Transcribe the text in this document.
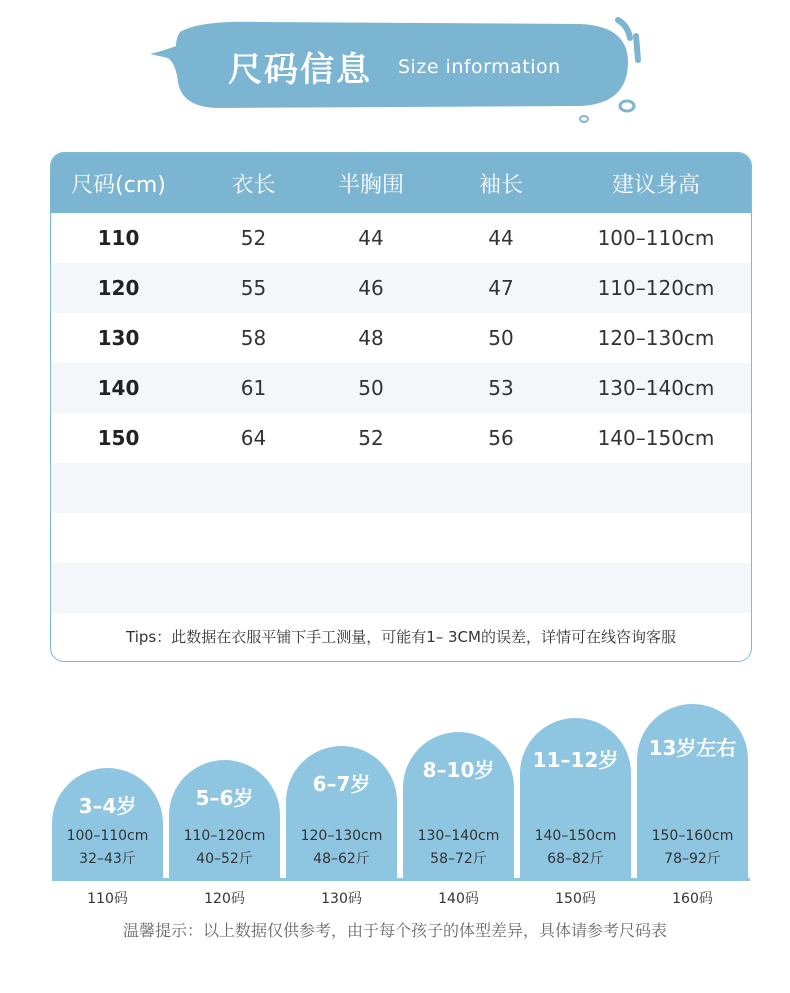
尺码信息 Size information
尺码(cm)	衣长	半胸围	袖长	建议身高
110	52	44	44	100–110cm
120	55	46	47	110–120cm
130	58	48	50	120–130cm
140	61	50	53	130–140cm
150	64	52	56	140–150cm
Tips：此数据在衣服平铺下手工测量，可能有1– 3CM的误差，详情可在线咨询客服
3–4岁
100–110cm
32–43斤
5–6岁
110–120cm
40–52斤
6–7岁
120–130cm
48–62斤
8–10岁
130–140cm
58–72斤
11–12岁
140–150cm
68–82斤
13岁左右
150–160cm
78–92斤
110码	120码	130码	140码	150码	160码
温馨提示：以上数据仅供参考，由于每个孩子的体型差异，具体请参考尺码表
